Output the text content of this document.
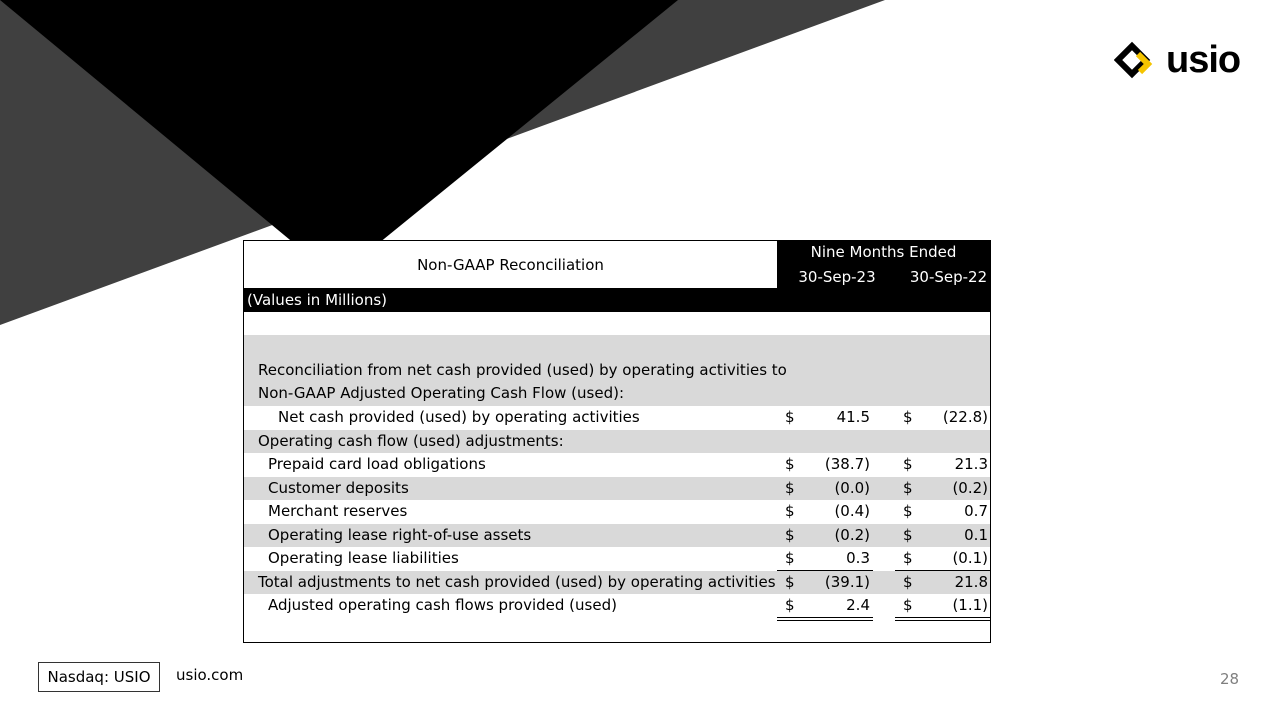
usio
Non-GAAP Reconciliation
Nine Months Ended
30-Sep-23	30-Sep-22
(Values in Millions)
Reconciliation from net cash provided (used) by operating activities to
Non-GAAP Adjusted Operating Cash Flow (used):
Net cash provided (used) by operating activities	$	41.5 $	(22.8)
Operating cash flow (used) adjustments:
Prepaid card load obligations	$	(38.7) $	21.3
Customer deposits	$	(0.0) $	(0.2)
Merchant reserves	$	(0.4) $	0.7
Operating lease right-of-use assets	$	(0.2) $	0.1
Operating lease liabilities	$	0.3 $	(0.1)
Total adjustments to net cash provided (used) by operating activities $	(39.1) $	21.8
Adjusted operating cash flows provided (used)	$	2.4 $	(1.1)
Nasdaq: USIO	usio.com	28
